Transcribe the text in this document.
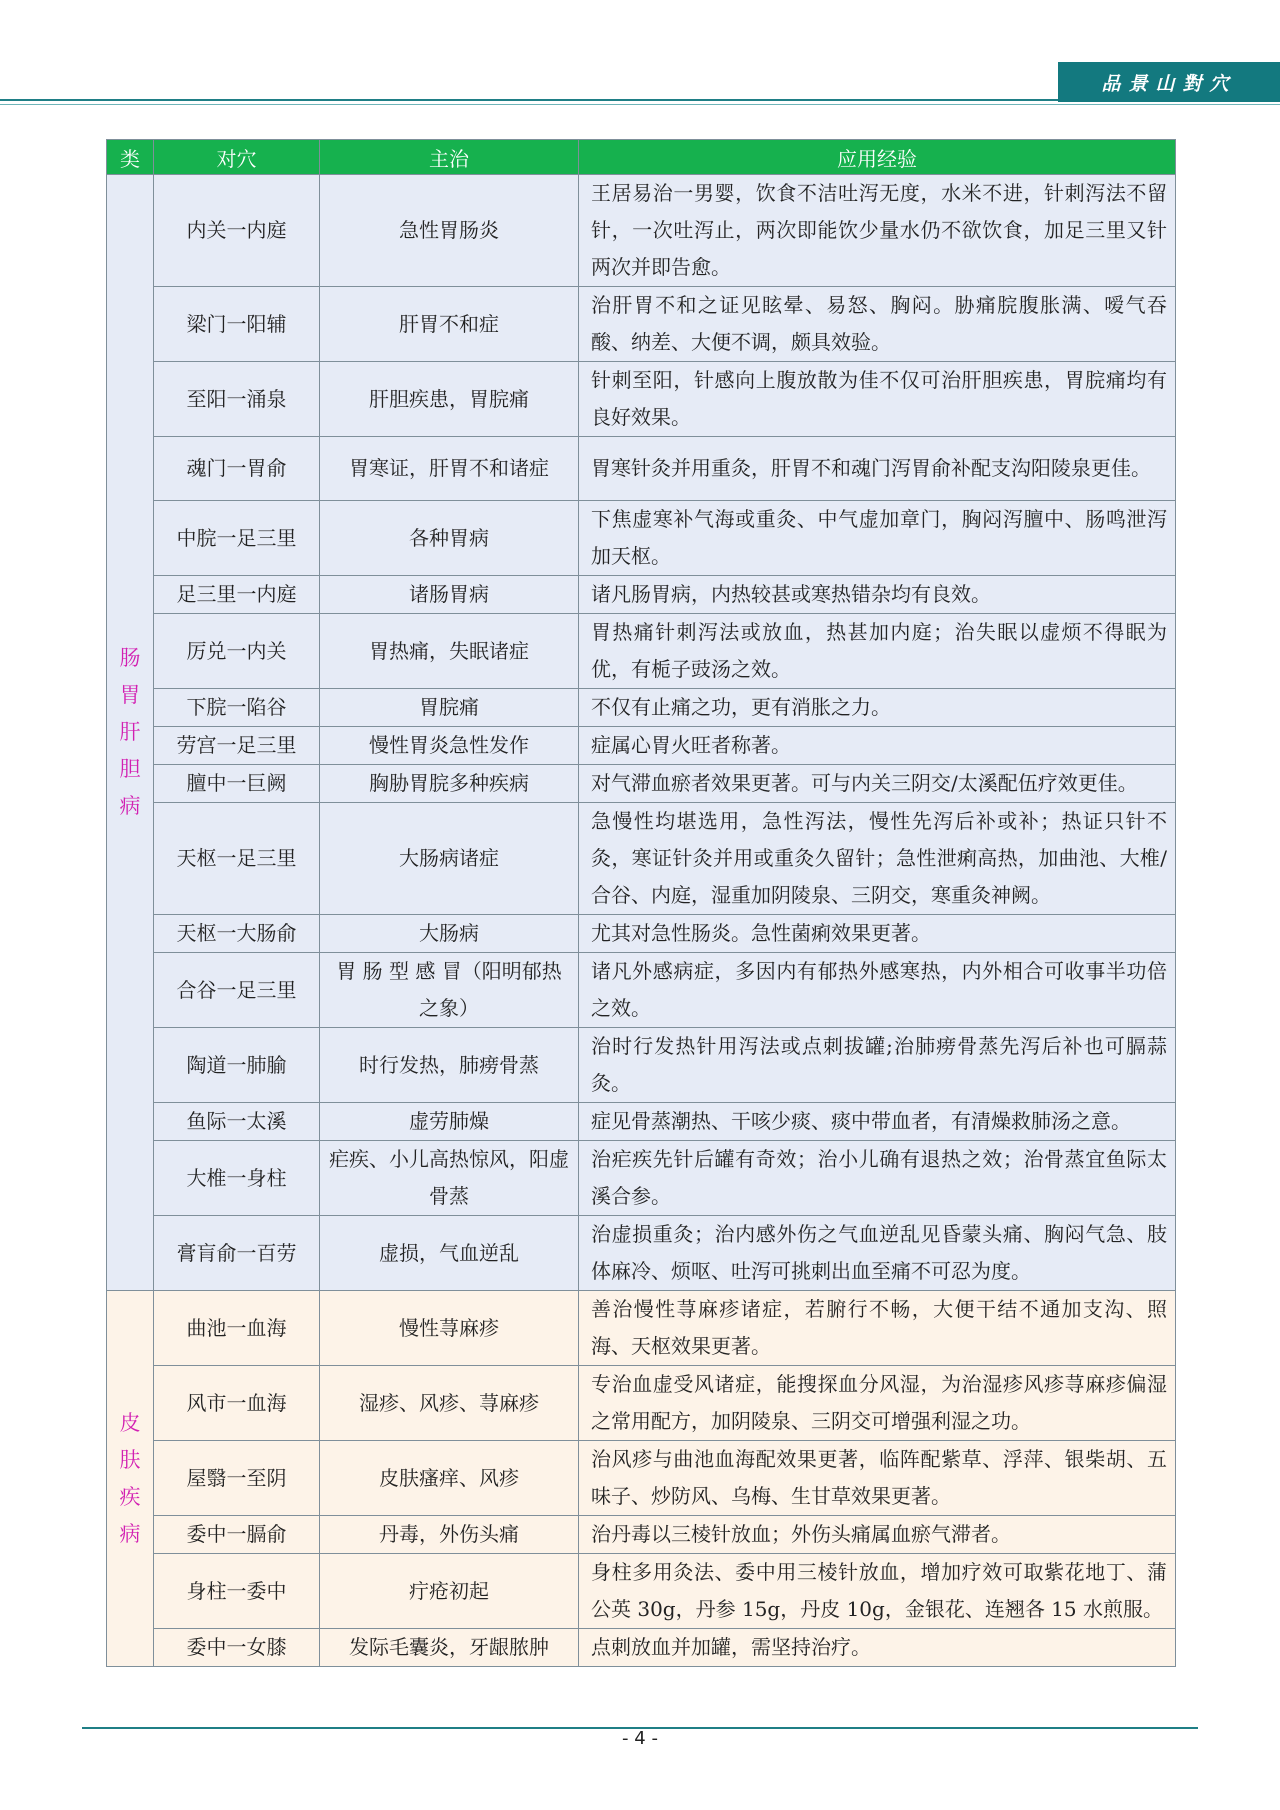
品景山對穴
类	对穴	主治	应用经验

肠胃肝胆病	内关一内庭	急性胃肠炎	王居易治一男婴，饮食不洁吐泻无度，水米不进，针刺泻法不留针，一次吐泻止，两次即能饮少量水仍不欲饮食，加足三里又针两次并即告愈。
	梁门一阳辅	肝胃不和症	治肝胃不和之证见眩晕、易怒、胸闷。胁痛脘腹胀满、嗳气吞酸、纳差、大便不调，颇具效验。
	至阳一涌泉	肝胆疾患，胃脘痛	针刺至阳，针感向上腹放散为佳不仅可治肝胆疾患，胃脘痛均有良好效果。
	魂门一胃俞	胃寒证，肝胃不和诸症	胃寒针灸并用重灸，肝胃不和魂门泻胃俞补配支沟阳陵泉更佳。
	中脘一足三里	各种胃病	下焦虚寒补气海或重灸、中气虚加章门，胸闷泻膻中、肠鸣泄泻加天枢。
	足三里一内庭	诸肠胃病	诸凡肠胃病，内热较甚或寒热错杂均有良效。
	厉兑一内关	胃热痛，失眠诸症	胃热痛针刺泻法或放血，热甚加内庭；治失眠以虚烦不得眠为优，有栀子豉汤之效。
	下脘一陷谷	胃脘痛	不仅有止痛之功，更有消胀之力。
	劳宫一足三里	慢性胃炎急性发作	症属心胃火旺者称著。
	膻中一巨阙	胸胁胃脘多种疾病	对气滞血瘀者效果更著。可与内关三阴交/太溪配伍疗效更佳。
	天枢一足三里	大肠病诸症	急慢性均堪选用，急性泻法，慢性先泻后补或补；热证只针不灸，寒证针灸并用或重灸久留针；急性泄痢高热，加曲池、大椎/合谷、内庭，湿重加阴陵泉、三阴交，寒重灸神阙。
	天枢一大肠俞	大肠病	尤其对急性肠炎。急性菌痢效果更著。
	合谷一足三里	胃 肠 型 感 冒（阳明郁热之象）	诸凡外感病症，多因内有郁热外感寒热，内外相合可收事半功倍之效。
	陶道一肺腧	时行发热，肺痨骨蒸	治时行发热针用泻法或点刺拔罐;治肺痨骨蒸先泻后补也可膈蒜灸。
	鱼际一太溪	虚劳肺燥	症见骨蒸潮热、干咳少痰、痰中带血者，有清燥救肺汤之意。
	大椎一身柱	疟疾、小儿高热惊风，阳虚骨蒸	治疟疾先针后罐有奇效；治小儿确有退热之效；治骨蒸宜鱼际太溪合参。
	膏肓俞一百劳	虚损，气血逆乱	治虚损重灸；治内感外伤之气血逆乱见昏蒙头痛、胸闷气急、肢体麻冷、烦呕、吐泻可挑刺出血至痛不可忍为度。

皮肤疾病	曲池一血海	慢性荨麻疹	善治慢性荨麻疹诸症，若腑行不畅，大便干结不通加支沟、照海、天枢效果更著。
	风市一血海	湿疹、风疹、荨麻疹	专治血虚受风诸症，能搜探血分风湿，为治湿疹风疹荨麻疹偏湿之常用配方，加阴陵泉、三阴交可增强利湿之功。
	屋翳一至阴	皮肤瘙痒、风疹	治风疹与曲池血海配效果更著，临阵配紫草、浮萍、银柴胡、五味子、炒防风、乌梅、生甘草效果更著。
	委中一膈俞	丹毒，外伤头痛	治丹毒以三棱针放血；外伤头痛属血瘀气滞者。
	身柱一委中	疔疮初起	身柱多用灸法、委中用三棱针放血，增加疗效可取紫花地丁、蒲公英 30g，丹参 15g，丹皮 10g，金银花、连翘各 15 水煎服。
	委中一女膝	发际毛囊炎，牙龈脓肿	点刺放血并加罐，需坚持治疗。
- 4 -
